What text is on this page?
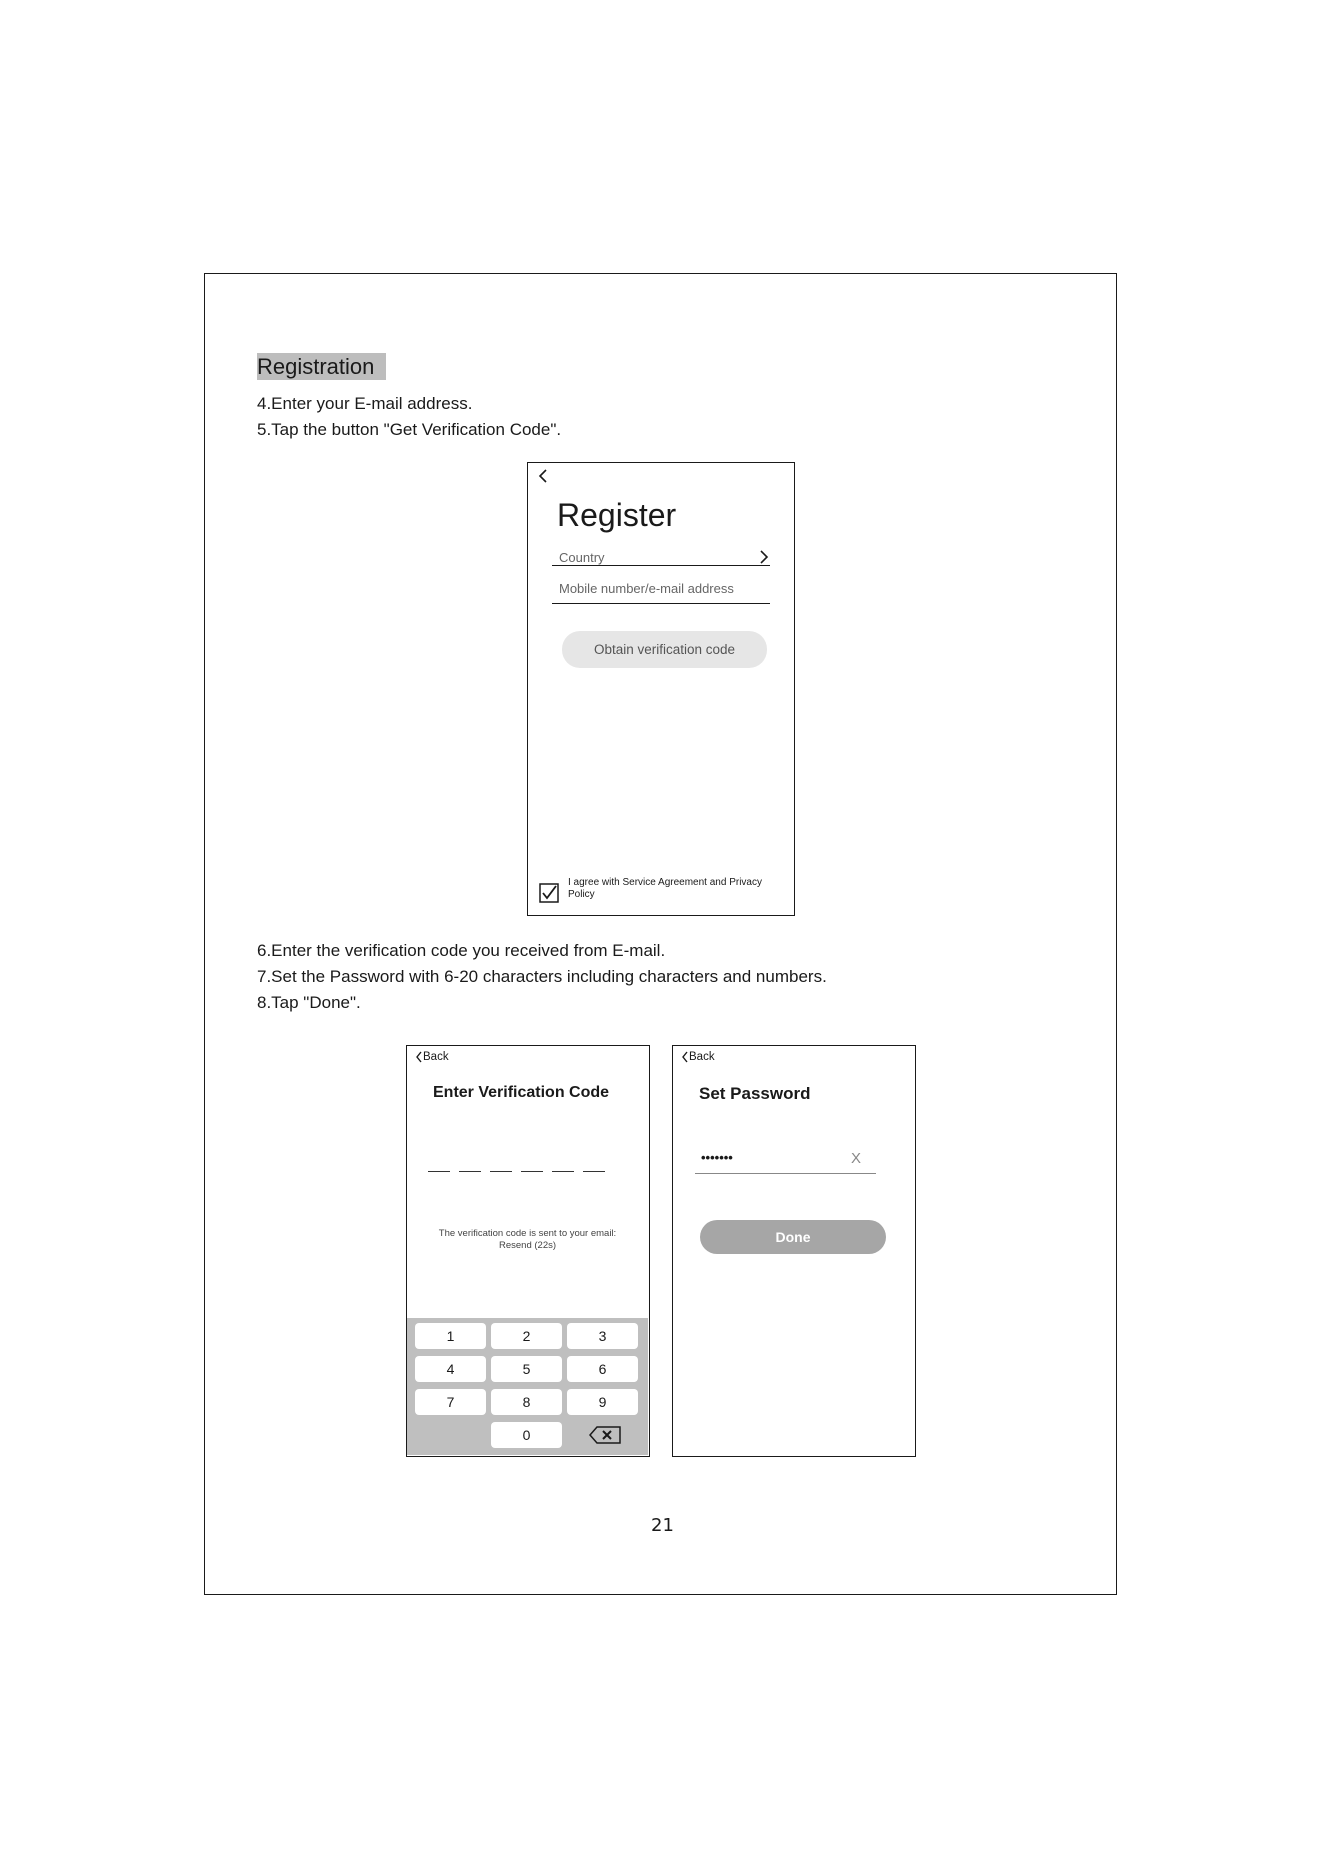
Registration
4.Enter your E-mail address.
5.Tap the button "Get Verification Code".
Register
Country
Mobile number/e-mail address
Obtain verification code
I agree with Service Agreement and Privacy
Policy
6.Enter the verification code you received from E-mail.
7.Set the Password with 6-20 characters including characters and numbers.
8.Tap "Done".
Back
Enter Verification Code
The verification code is sent to your email:
Resend (22s)
1	2	3
4	5	6
7	8	9
0
Back
Set Password
•••••••	X
Done
21
